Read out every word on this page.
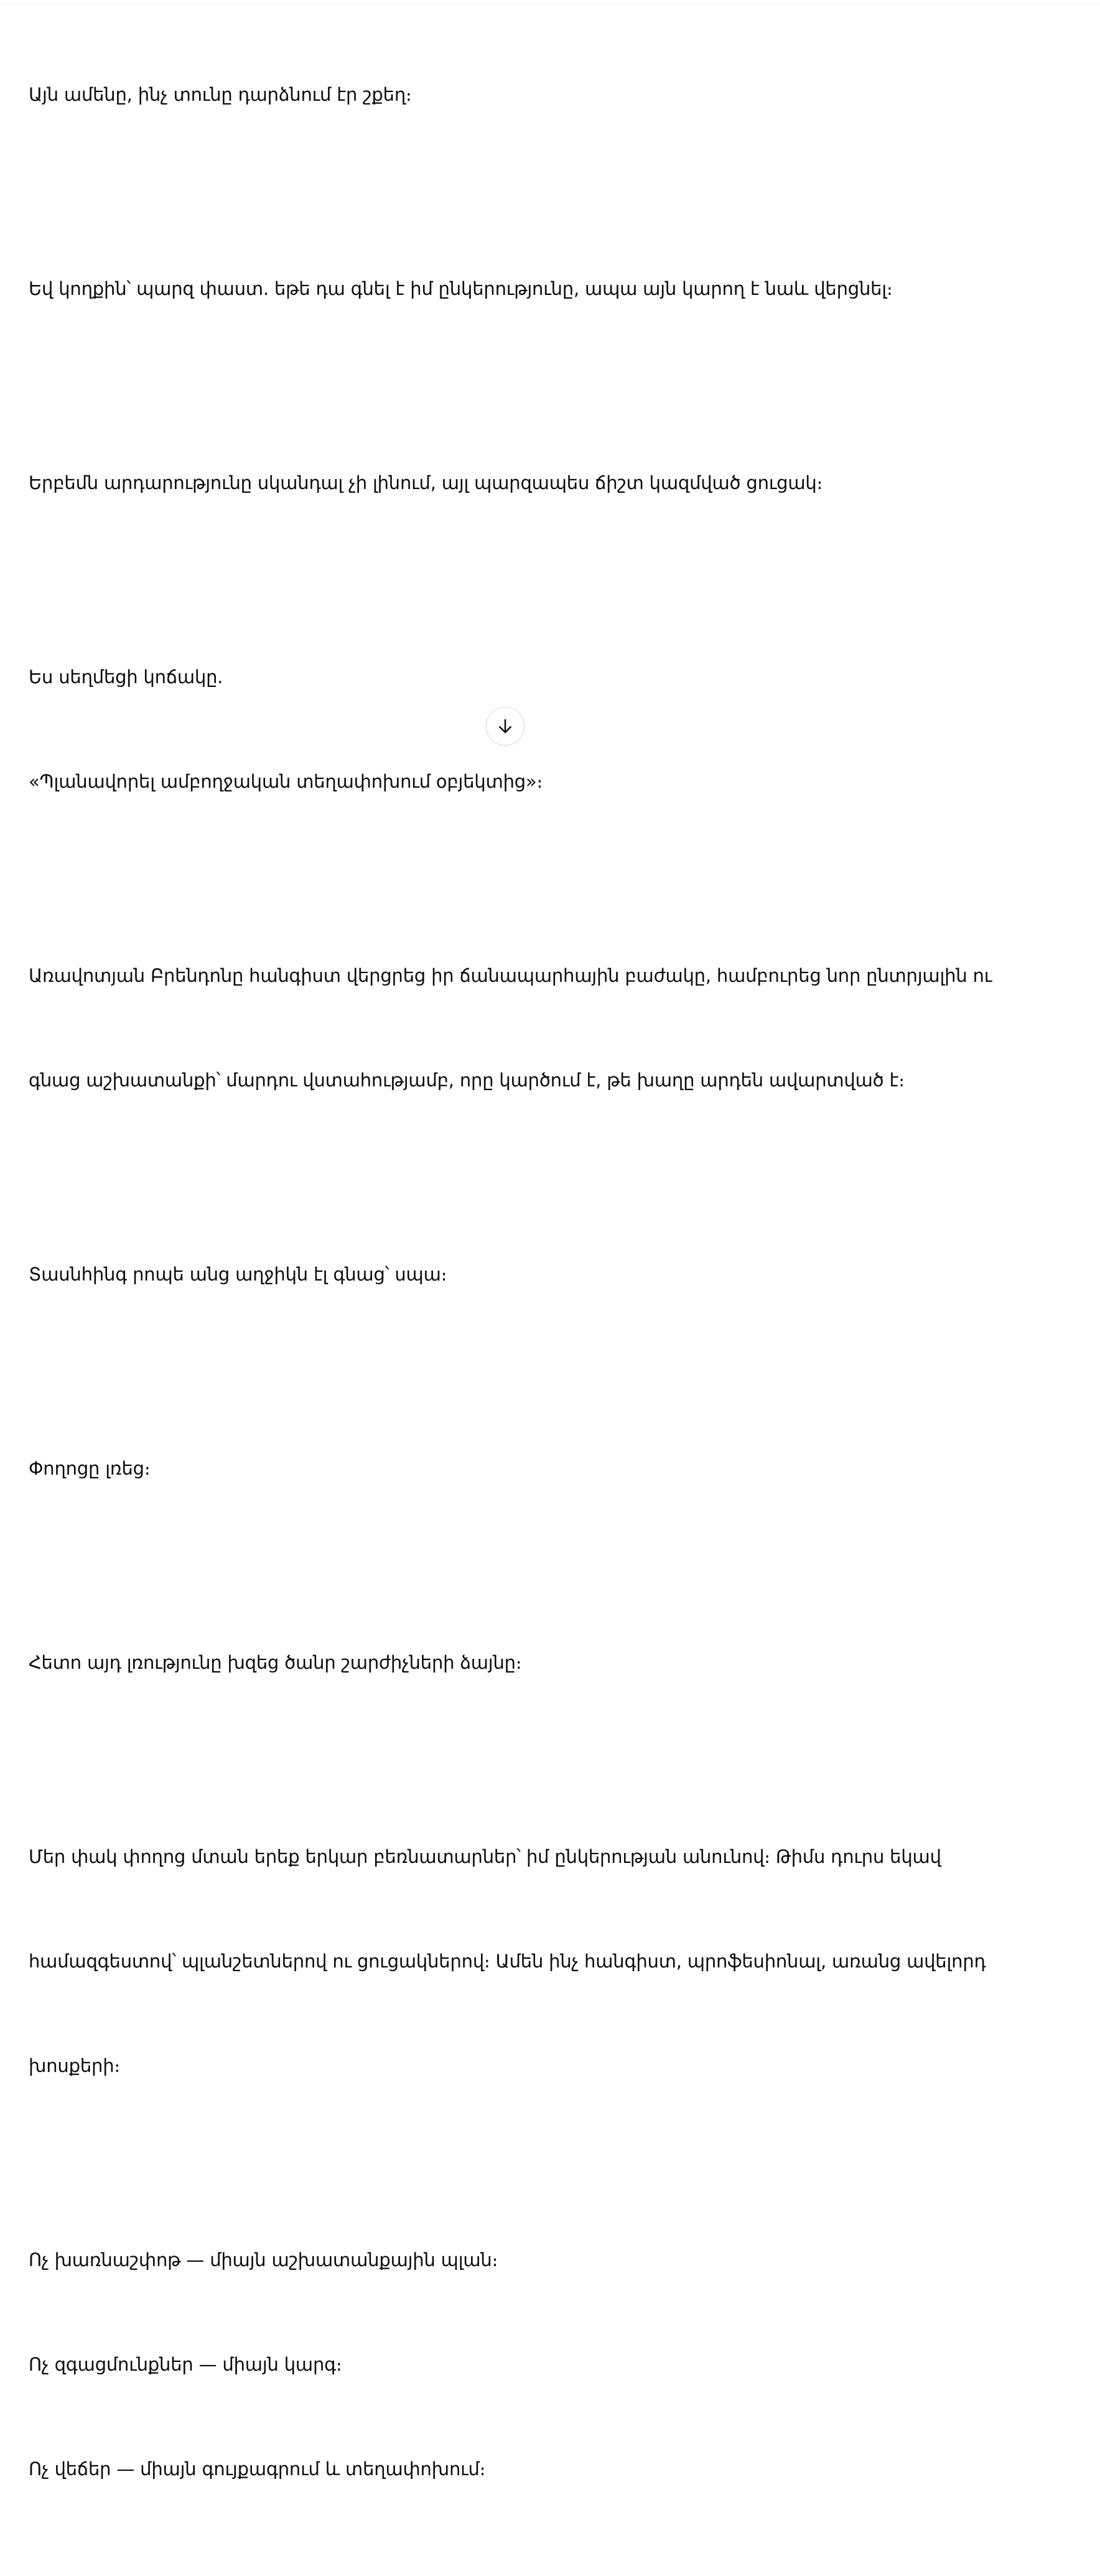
Այն ամենը, ինչ տունը դարձնում էր շքեղ։

Եվ կողքին՝ պարզ փաստ. եթե դա գնել է իմ ընկերությունը, ապա այն կարող է նաև վերցնել։

Երբեմն արդարությունը սկանդալ չի լինում, այլ պարզապես ճիշտ կազմված ցուցակ։

Ես սեղմեցի կոճակը.

«Պլանավորել ամբողջական տեղափոխում օբյեկտից»։

Առավոտյան Բրենդոնը հանգիստ վերցրեց իր ճանապարհային բաժակը, համբուրեց նոր ընտրյալին ու

գնաց աշխատանքի՝ մարդու վստահությամբ, որը կարծում է, թե խաղը արդեն ավարտված է։

Տասնհինգ րոպե անց աղջիկն էլ գնաց՝ սպա։

Փողոցը լռեց։

Հետո այդ լռությունը խզեց ծանր շարժիչների ձայնը։

Մեր փակ փողոց մտան երեք երկար բեռնատարներ՝ իմ ընկերության անունով։ Թիմս դուրս եկավ

համազգեստով՝ պլանշետներով ու ցուցակներով։ Ամեն ինչ հանգիստ, պրոֆեսիոնալ, առանց ավելորդ

խոսքերի։

Ոչ խառնաշփոթ — միայն աշխատանքային պլան։

Ոչ զգացմունքներ — միայն կարգ։

Ոչ վեճեր — միայն գույքագրում և տեղափոխում։
